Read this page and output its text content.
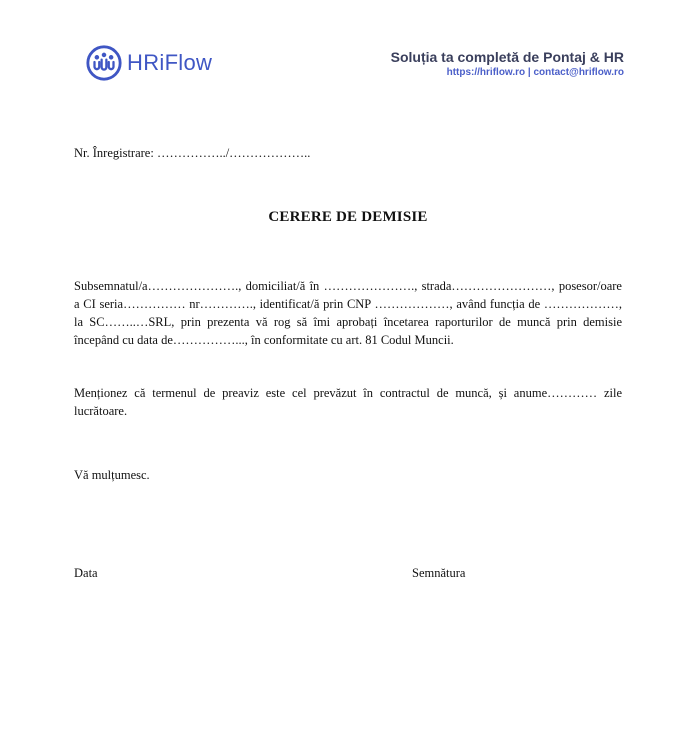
HRiFlow	Soluția ta completă de Pontaj & HR
https://hriflow.ro | contact@hriflow.ro
Nr. Înregistrare: ……………../………………..
CERERE DE DEMISIE
Subsemnatul/a…………………., domiciliat/ă în …………………., strada……………………, posesor/oare a CI seria…………… nr…………., identificat/ă prin CNP ………………, având funcția de ………………, la SC……..…SRL, prin prezenta vă rog să îmi aprobați încetarea raporturilor de muncă prin demisie începând cu data de……………..., în conformitate cu art. 81 Codul Muncii.
Menționez că termenul de preaviz este cel prevăzut în contractul de muncă, și anume………… zile lucrătoare.
Vă mulțumesc.
Data	Semnătura
